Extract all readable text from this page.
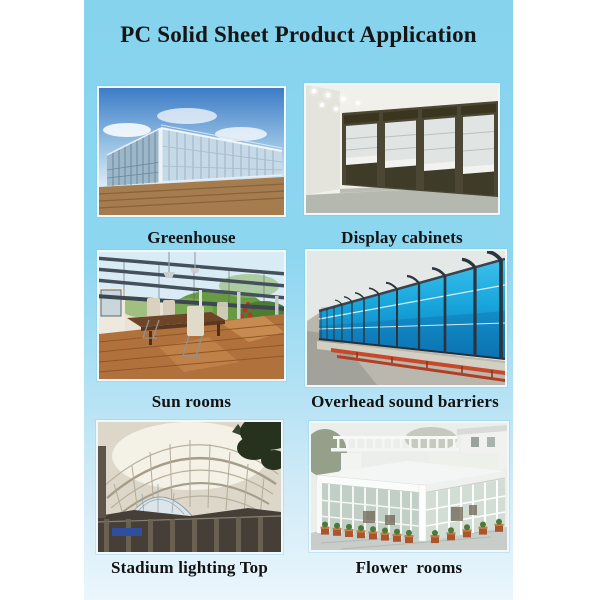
PC Solid Sheet Product Application
Greenhouse	Display cabinets
Sun rooms	Overhead sound barriers
Stadium lighting Top	Flower  rooms
